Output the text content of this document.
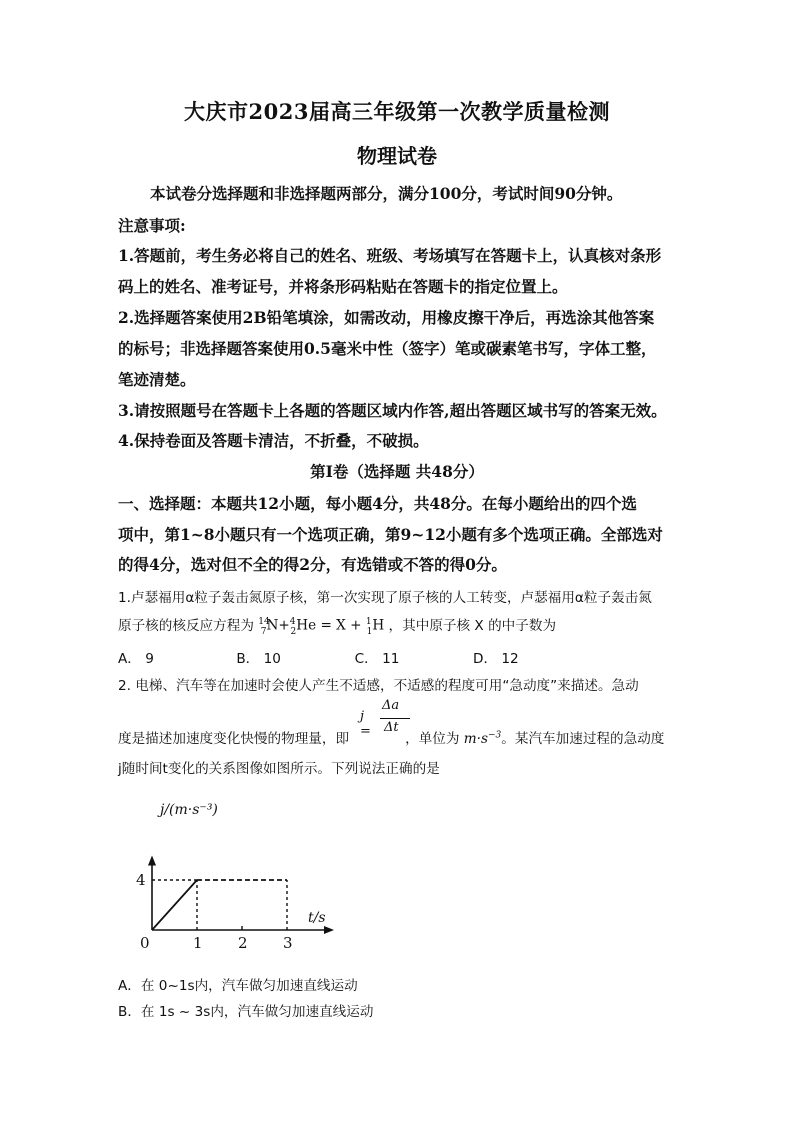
大庆市2023届高三年级第一次教学质量检测
物理试卷
本试卷分选择题和非选择题两部分，满分100分，考试时间90分钟。
注意事项:
1.答题前，考生务必将自己的姓名、班级、考场填写在答题卡上，认真核对条形
码上的姓名、准考证号，并将条形码粘贴在答题卡的指定位置上。
2.选择题答案使用2B铅笔填涂，如需改动，用橡皮擦干净后，再选涂其他答案
的标号；非选择题答案使用0.5毫米中性（签字）笔或碳素笔书写，字体工整，
笔迹清楚。
3.请按照题号在答题卡上各题的答题区域内作答,超出答题区域书写的答案无效。
4.保持卷面及答题卡清洁，不折叠，不破损。
第I卷（选择题 共48分）
一、选择题：本题共12小题，每小题4分，共48分。在每小题给出的四个选
项中，第1~8小题只有一个选项正确，第9~12小题有多个选项正确。全部选对
的得4分，选对但不全的得2分，有选错或不答的得0分。
1.卢瑟福用α粒子轰击氮原子核，第一次实现了原子核的人工转变，卢瑟福用α粒子轰击氮
原子核的核反应方程为 $^{14}_7$N+$^4_2$He = X + $^1_1$H ，其中原子核 X 的中子数为
A． 9	B． 10	C． 11	D． 12
2. 电梯、汽车等在加速时会使人产生不适感，不适感的程度可用“急动度”来描述。急动
j =
Δa
Δt
度是描述加速度变化快慢的物理量，即	，单位为 $m\cdot s^{-3}$。某汽车加速过程的急动度
j随时间t变化的关系图像如图所示。下列说法正确的是
0	1 2 3
4
j/(m·s⁻³)
t/s
A．在 0~1s内，汽车做匀加速直线运动
B．在 1s ~ 3s内，汽车做匀加速直线运动
